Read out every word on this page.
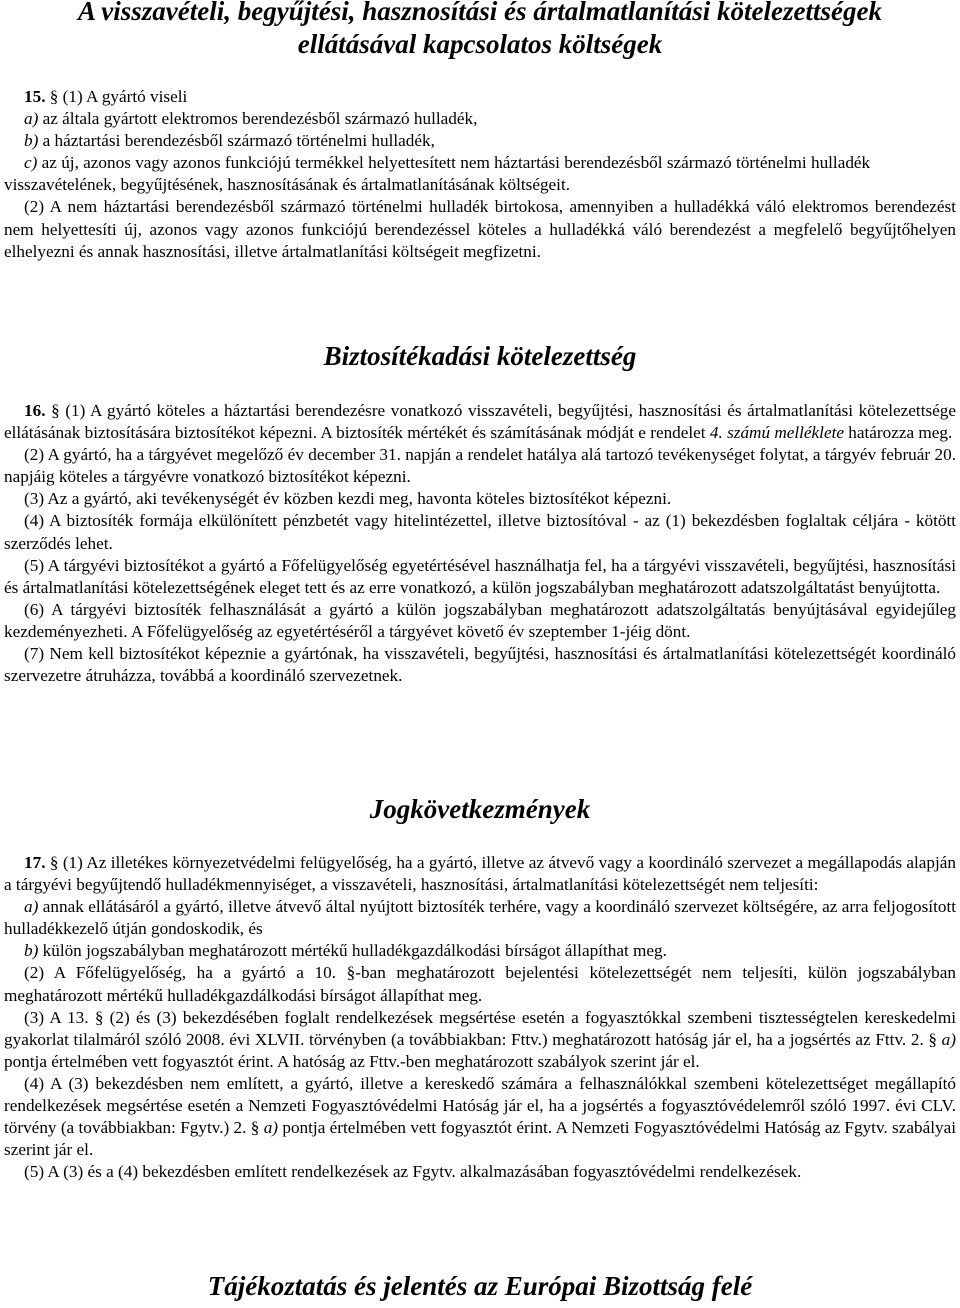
A visszavételi, begyűjtési, hasznosítási és ártalmatlanítási kötelezettségek
ellátásával kapcsolatos költségek

15. § (1) A gyártó viseli

a) az általa gyártott elektromos berendezésből származó hulladék,

b) a háztartási berendezésből származó történelmi hulladék,

c) az új, azonos vagy azonos funkciójú termékkel helyettesített nem háztartási berendezésből származó történelmi hulladék

visszavételének, begyűjtésének, hasznosításának és ártalmatlanításának költségeit.

(2) A nem háztartási berendezésből származó történelmi hulladék birtokosa, amennyiben a hulladékká váló elektromos berendezést nem helyettesíti új, azonos vagy azonos funkciójú berendezéssel köteles a hulladékká váló berendezést a megfelelő begyűjtőhelyen elhelyezni és annak hasznosítási, illetve ártalmatlanítási költségeit megfizetni.

Biztosítékadási kötelezettség

16. § (1) A gyártó köteles a háztartási berendezésre vonatkozó visszavételi, begyűjtési, hasznosítási és ártalmatlanítási kötelezettsége ellátásának biztosítására biztosítékot képezni. A biztosíték mértékét és számításának módját e rendelet 4. számú melléklete határozza meg.

(2) A gyártó, ha a tárgyévet megelőző év december 31. napján a rendelet hatálya alá tartozó tevékenységet folytat, a tárgyév február 20. napjáig köteles a tárgyévre vonatkozó biztosítékot képezni.

(3) Az a gyártó, aki tevékenységét év közben kezdi meg, havonta köteles biztosítékot képezni.

(4) A biztosíték formája elkülönített pénzbetét vagy hitelintézettel, illetve biztosítóval - az (1) bekezdésben foglaltak céljára - kötött szerződés lehet.

(5) A tárgyévi biztosítékot a gyártó a Főfelügyelőség egyetértésével használhatja fel, ha a tárgyévi visszavételi, begyűjtési, hasznosítási és ártalmatlanítási kötelezettségének eleget tett és az erre vonatkozó, a külön jogszabályban meghatározott adatszolgáltatást benyújtotta.

(6) A tárgyévi biztosíték felhasználását a gyártó a külön jogszabályban meghatározott adatszolgáltatás benyújtásával egyidejűleg kezdeményezheti. A Főfelügyelőség az egyetértéséről a tárgyévet követő év szeptember 1-jéig dönt.

(7) Nem kell biztosítékot képeznie a gyártónak, ha visszavételi, begyűjtési, hasznosítási és ártalmatlanítási kötelezettségét koordináló szervezetre átruházza, továbbá a koordináló szervezetnek.

Jogkövetkezmények

17. § (1) Az illetékes környezetvédelmi felügyelőség, ha a gyártó, illetve az átvevő vagy a koordináló szervezet a megállapodás alapján a tárgyévi begyűjtendő hulladékmennyiséget, a visszavételi, hasznosítási, ártalmatlanítási kötelezettségét nem teljesíti:

a) annak ellátásáról a gyártó, illetve átvevő által nyújtott biztosíték terhére, vagy a koordináló szervezet költségére, az arra feljogosított hulladékkezelő útján gondoskodik, és

b) külön jogszabályban meghatározott mértékű hulladékgazdálkodási bírságot állapíthat meg.

(2) A Főfelügyelőség, ha a gyártó a 10. §-ban meghatározott bejelentési kötelezettségét nem teljesíti, külön jogszabályban meghatározott mértékű hulladékgazdálkodási bírságot állapíthat meg.

(3) A 13. § (2) és (3) bekezdésében foglalt rendelkezések megsértése esetén a fogyasztókkal szembeni tisztességtelen kereskedelmi gyakorlat tilalmáról szóló 2008. évi XLVII. törvényben (a továbbiakban: Fttv.) meghatározott hatóság jár el, ha a jogsértés az Fttv. 2. § a) pontja értelmében vett fogyasztót érint. A hatóság az Fttv.-ben meghatározott szabályok szerint jár el.

(4) A (3) bekezdésben nem említett, a gyártó, illetve a kereskedő számára a felhasználókkal szembeni kötelezettséget megállapító rendelkezések megsértése esetén a Nemzeti Fogyasztóvédelmi Hatóság jár el, ha a jogsértés a fogyasztóvédelemről szóló 1997. évi CLV. törvény (a továbbiakban: Fgytv.) 2. § a) pontja értelmében vett fogyasztót érint. A Nemzeti Fogyasztóvédelmi Hatóság az Fgytv. szabályai szerint jár el.

(5) A (3) és a (4) bekezdésben említett rendelkezések az Fgytv. alkalmazásában fogyasztóvédelmi rendelkezések.

Tájékoztatás és jelentés az Európai Bizottság felé
